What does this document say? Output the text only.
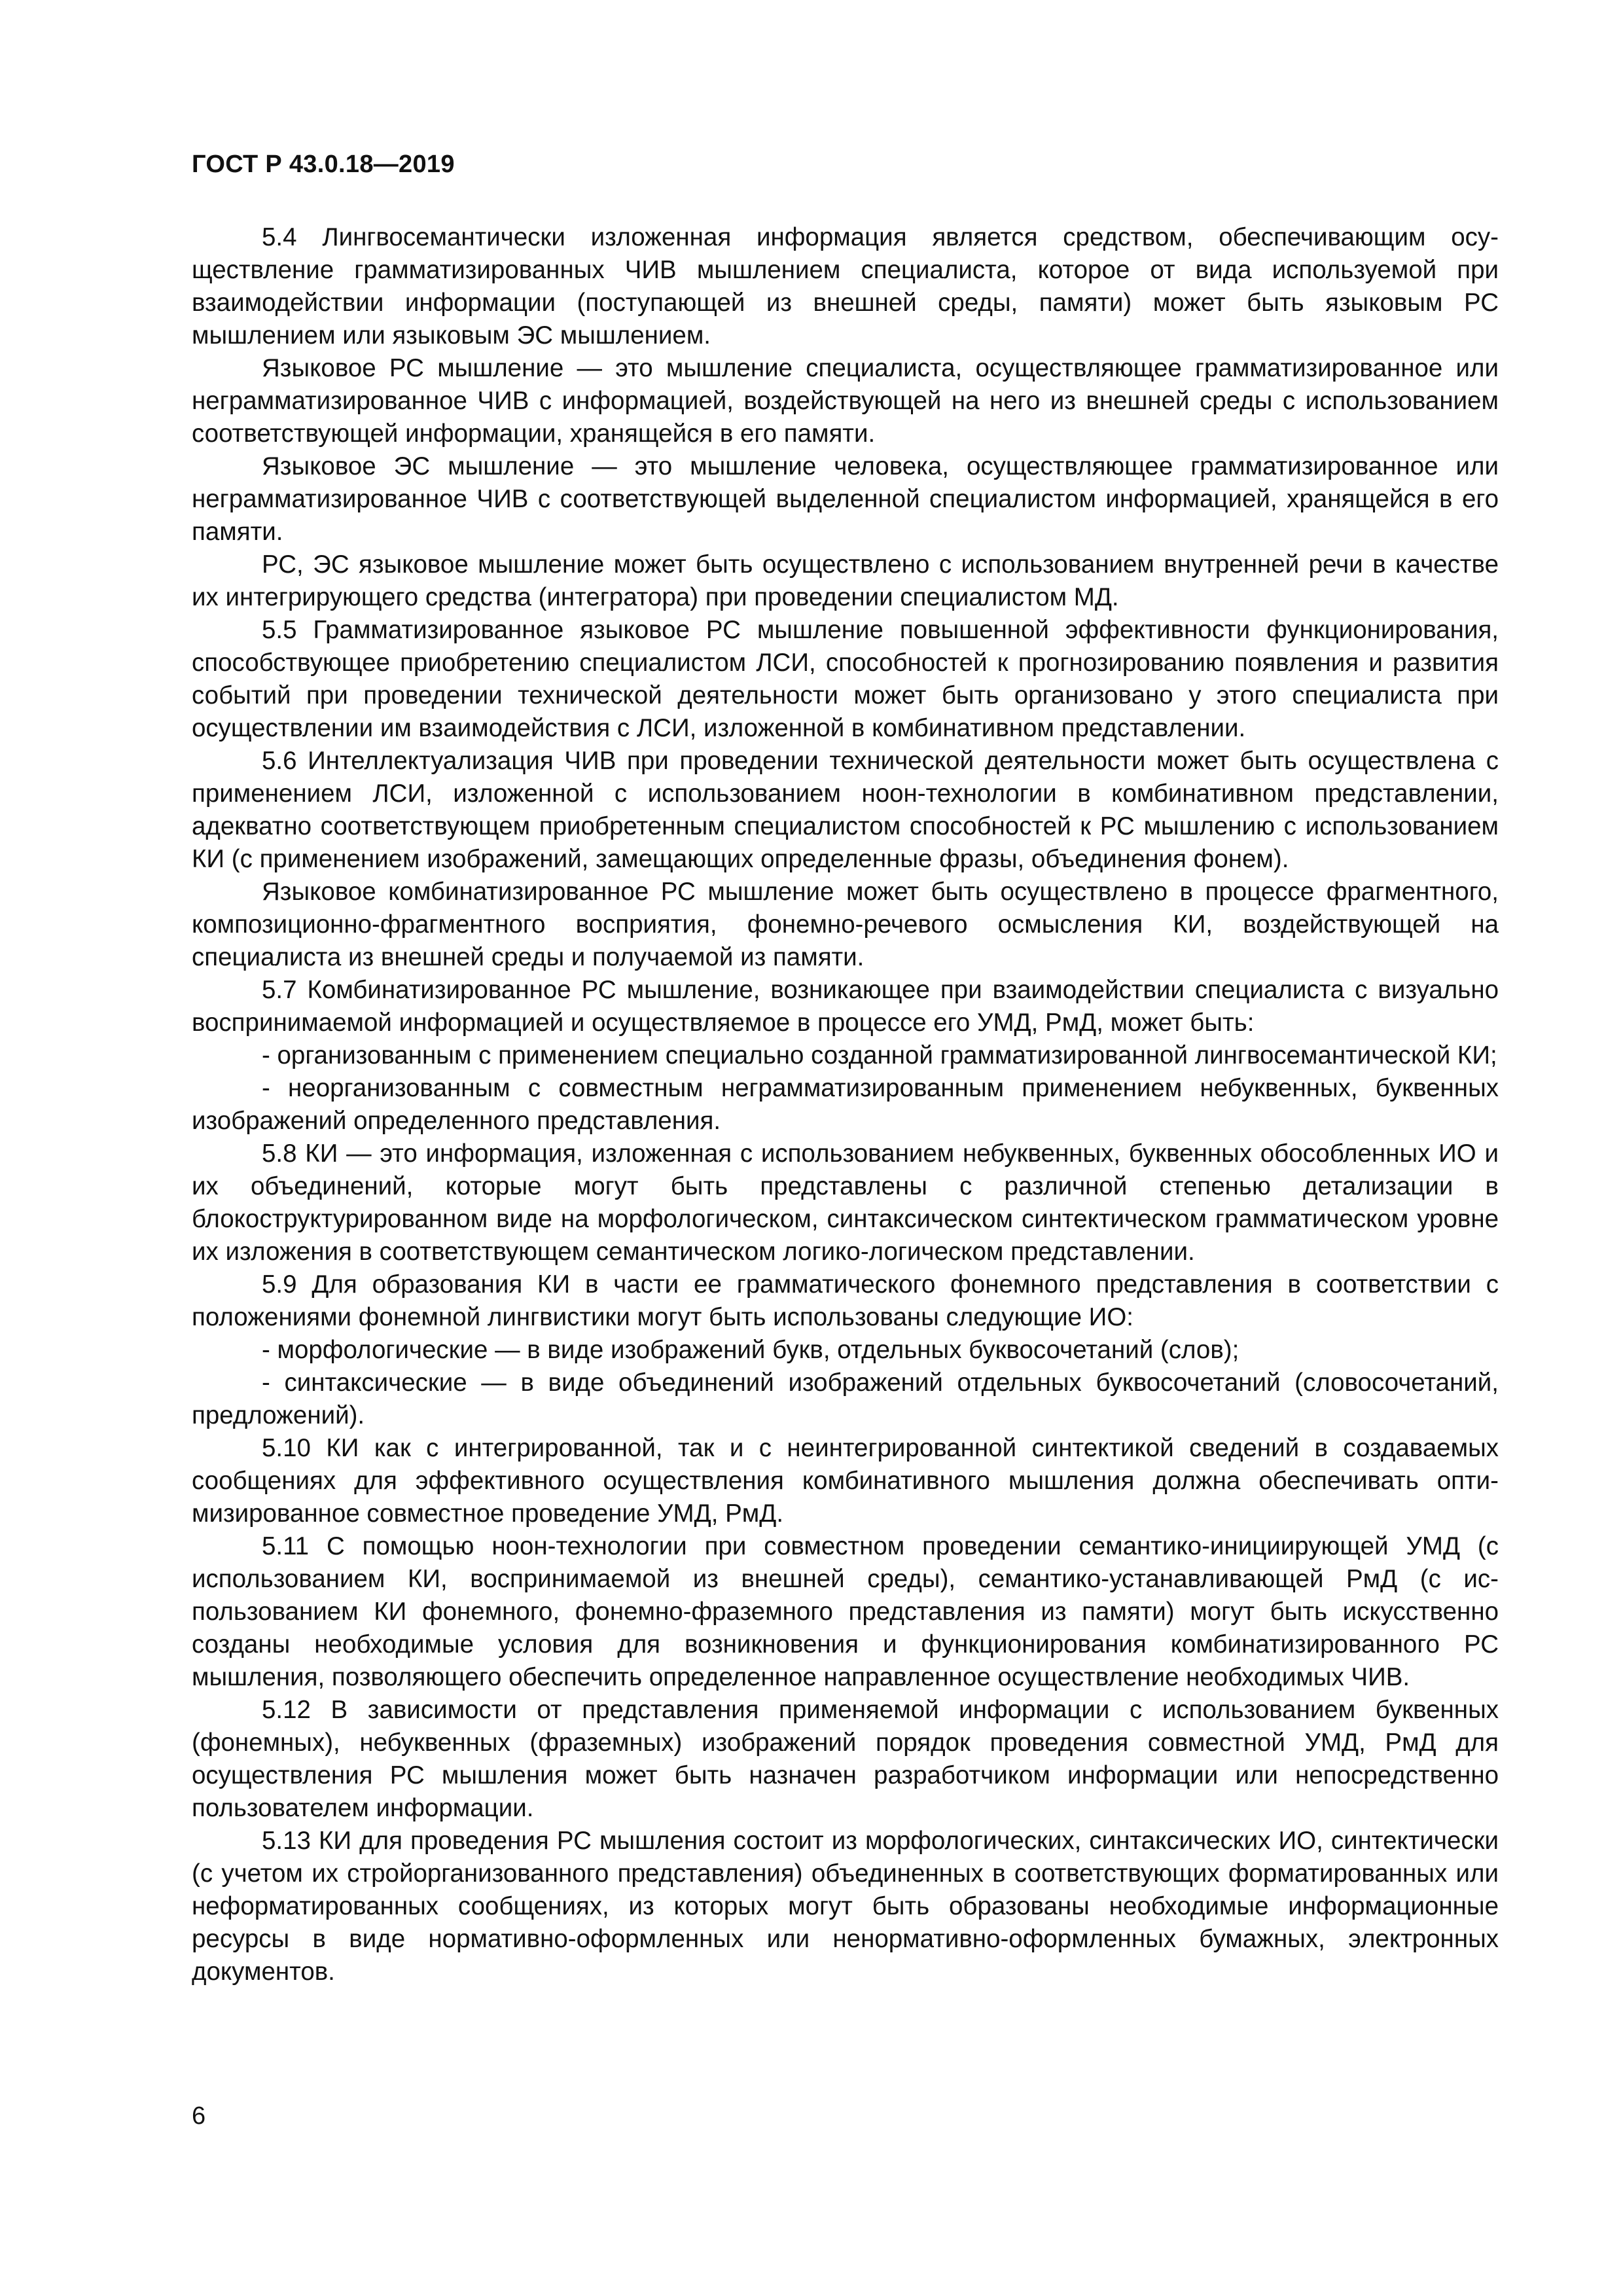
ГОСТ Р 43.0.18—2019

5.4 Лингвосемантически изложенная информация является средством, обеспечивающим осуществление грамматизированных ЧИВ мышлением специалиста, которое от вида используемой при взаимодействии информации (поступающей из внешней среды, памяти) может быть языковым РС мышлением или языковым ЭС мышлением.

Языковое РС мышление — это мышление специалиста, осуществляющее грамматизированное или неграмматизированное ЧИВ с информацией, воздействующей на него из внешней среды с использованием соответствующей информации, хранящейся в его памяти.

Языковое ЭС мышление — это мышление человека, осуществляющее грамматизированное или неграмматизированное ЧИВ с соответствующей выделенной специалистом информацией, хранящейся в его памяти.

РС, ЭС языковое мышление может быть осуществлено с использованием внутренней речи в качестве их интегрирующего средства (интегратора) при проведении специалистом МД.

5.5 Грамматизированное языковое РС мышление повышенной эффективности функционирования, способствующее приобретению специалистом ЛСИ, способностей к прогнозированию появления и развития событий при проведении технической деятельности может быть организовано у этого специалиста при осуществлении им взаимодействия с ЛСИ, изложенной в комбинативном представлении.

5.6 Интеллектуализация ЧИВ при проведении технической деятельности может быть осуществлена с применением ЛСИ, изложенной с использованием ноон-технологии в комбинативном представлении, адекватно соответствующем приобретенным специалистом способностей к РС мышлению с использованием КИ (с применением изображений, замещающих определенные фразы, объединения фонем).

Языковое комбинатизированное РС мышление может быть осуществлено в процессе фрагментного, композиционно-фрагментного восприятия, фонемно-речевого осмысления КИ, воздействующей на специалиста из внешней среды и получаемой из памяти.

5.7 Комбинатизированное РС мышление, возникающее при взаимодействии специалиста с визуально воспринимаемой информацией и осуществляемое в процессе его УМД, РмД, может быть:

- организованным с применением специально созданной грамматизированной лингвосемантической КИ;

- неорганизованным с совместным неграмматизированным применением небуквенных, буквенных изображений определенного представления.

5.8 КИ — это информация, изложенная с использованием небуквенных, буквенных обособленных ИО и их объединений, которые могут быть представлены с различной степенью детализации в блокоструктурированном виде на морфологическом, синтаксическом синтектическом грамматическом уровне их изложения в соответствующем семантическом логико-логическом представлении.

5.9 Для образования КИ в части ее грамматического фонемного представления в соответствии с положениями фонемной лингвистики могут быть использованы следующие ИО:

- морфологические — в виде изображений букв, отдельных буквосочетаний (слов);

- синтаксические — в виде объединений изображений отдельных буквосочетаний (словосочетаний, предложений).

5.10 КИ как с интегрированной, так и с неинтегрированной синтектикой сведений в создаваемых сообщениях для эффективного осуществления комбинативного мышления должна обеспечивать оптимизированное совместное проведение УМД, РмД.

5.11 С помощью ноон-технологии при совместном проведении семантико-инициирующей УМД (с использованием КИ, воспринимаемой из внешней среды), семантико-устанавливающей РмД (с использованием КИ фонемного, фонемно-фраземного представления из памяти) могут быть искусственно созданы необходимые условия для возникновения и функционирования комбинатизированного РС мышления, позволяющего обеспечить определенное направленное осуществление необходимых ЧИВ.

5.12 В зависимости от представления применяемой информации с использованием буквенных (фонемных), небуквенных (фраземных) изображений порядок проведения совместной УМД, РмД для осуществления РС мышления может быть назначен разработчиком информации или непосредственно пользователем информации.

5.13 КИ для проведения РС мышления состоит из морфологических, синтаксических ИО, синтектически (с учетом их стройорганизованного представления) объединенных в соответствующих форматированных или неформатированных сообщениях, из которых могут быть образованы необходимые информационные ресурсы в виде нормативно-оформленных или ненормативно-оформленных бумажных, электронных документов.

6
